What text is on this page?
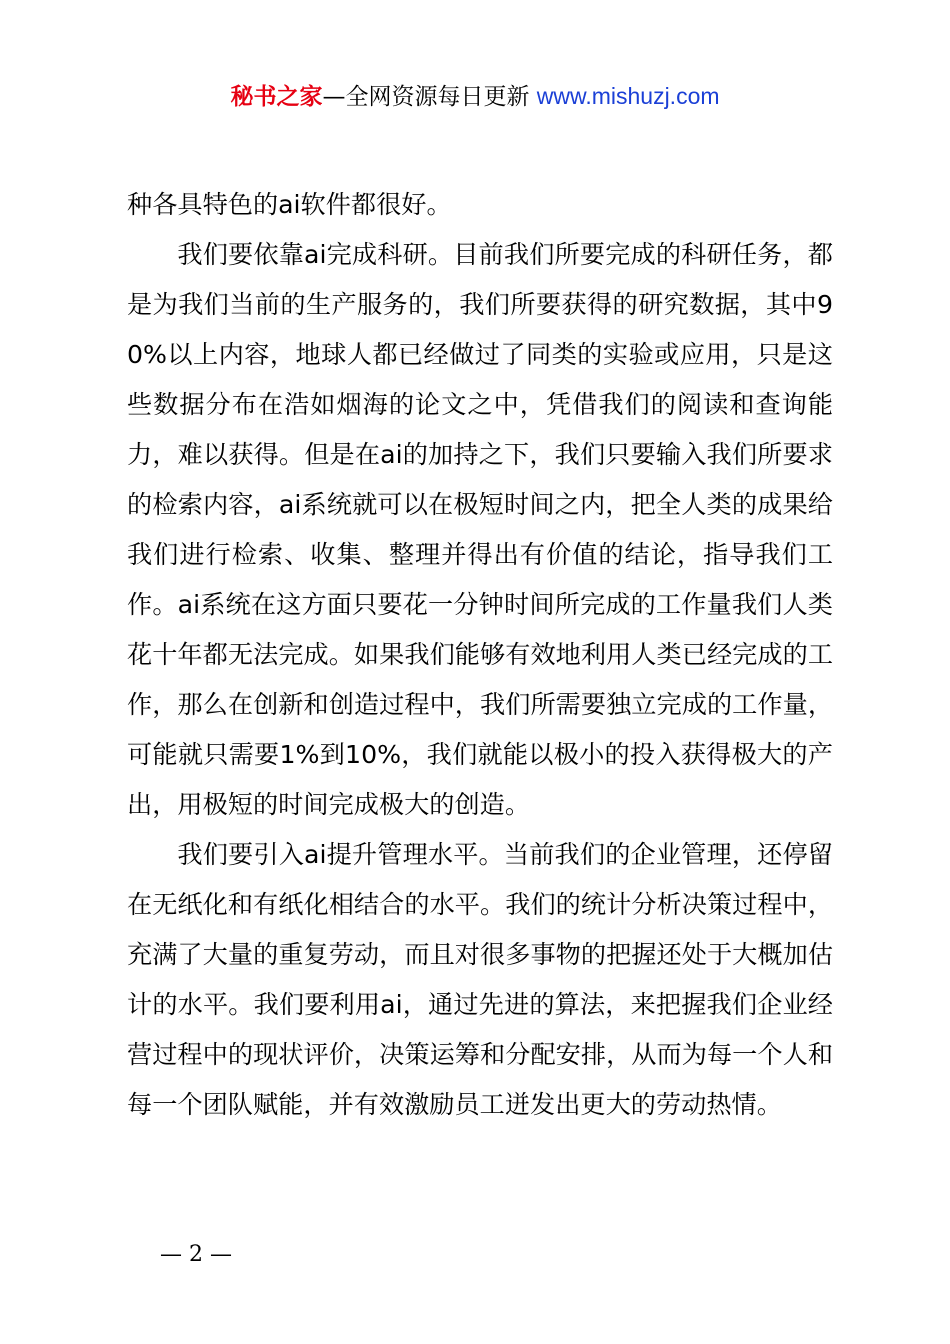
秘书之家—全网资源每日更新 www.mishuzj.com

种各具特色的ai软件都很好。

我们要依靠ai完成科研。目前我们所要完成的科研任务，都是为我们当前的生产服务的，我们所要获得的研究数据，其中90%以上内容，地球人都已经做过了同类的实验或应用，只是这些数据分布在浩如烟海的论文之中，凭借我们的阅读和查询能力，难以获得。但是在ai的加持之下，我们只要输入我们所要求的检索内容，ai系统就可以在极短时间之内，把全人类的成果给我们进行检索、收集、整理并得出有价值的结论，指导我们工作。ai系统在这方面只要花一分钟时间所完成的工作量我们人类花十年都无法完成。如果我们能够有效地利用人类已经完成的工作，那么在创新和创造过程中，我们所需要独立完成的工作量，可能就只需要1%到10%，我们就能以极小的投入获得极大的产出，用极短的时间完成极大的创造。

我们要引入ai提升管理水平。当前我们的企业管理，还停留在无纸化和有纸化相结合的水平。我们的统计分析决策过程中，充满了大量的重复劳动，而且对很多事物的把握还处于大概加估计的水平。我们要利用ai，通过先进的算法，来把握我们企业经营过程中的现状评价，决策运筹和分配安排，从而为每一个人和每一个团队赋能，并有效激励员工迸发出更大的劳动热情。

— 2 —
